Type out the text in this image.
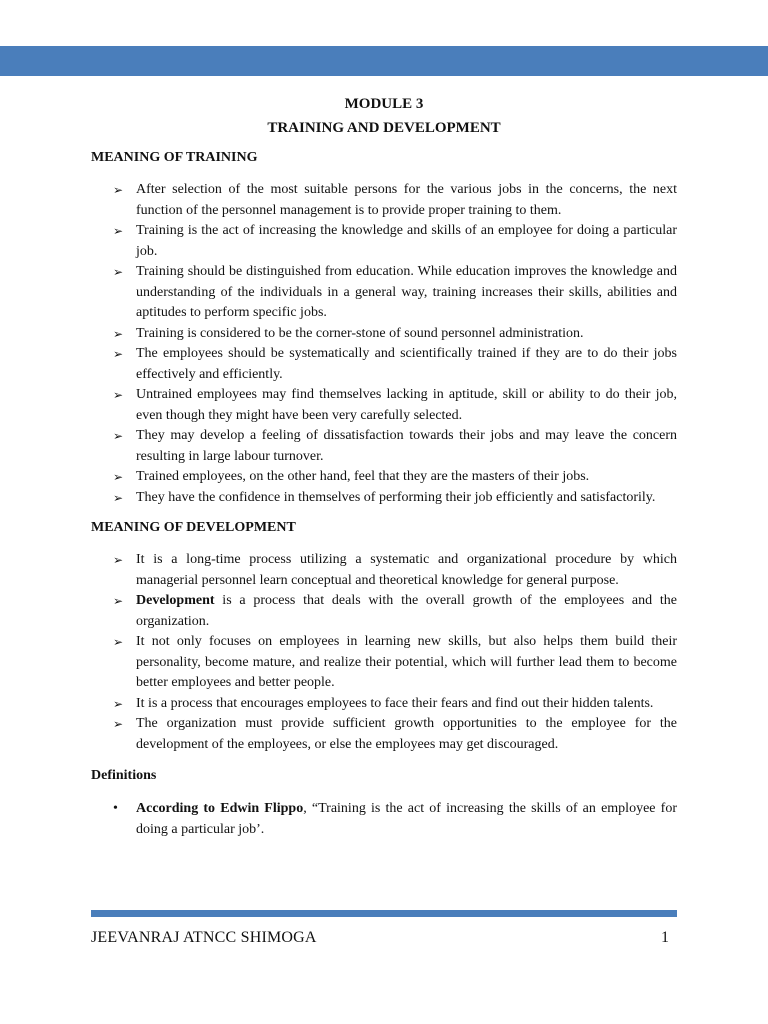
MODULE 3
TRAINING AND DEVELOPMENT
MEANING OF TRAINING
➢ After selection of the most suitable persons for the various jobs in the concerns, the next function of the personnel management is to provide proper training to them.
➢ Training is the act of increasing the knowledge and skills of an employee for doing a particular job.
➢ Training should be distinguished from education. While education improves the knowledge and understanding of the individuals in a general way, training increases their skills, abilities and aptitudes to perform specific jobs.
➢ Training is considered to be the corner-stone of sound personnel administration.
➢ The employees should be systematically and scientifically trained if they are to do their jobs effectively and efficiently.
➢ Untrained employees may find themselves lacking in aptitude, skill or ability to do their job, even though they might have been very carefully selected.
➢ They may develop a feeling of dissatisfaction towards their jobs and may leave the concern resulting in large labour turnover.
➢ Trained employees, on the other hand, feel that they are the masters of their jobs.
➢ They have the confidence in themselves of performing their job efficiently and satisfactorily.
MEANING OF DEVELOPMENT
➢ It is a long-time process utilizing a systematic and organizational procedure by which managerial personnel learn conceptual and theoretical knowledge for general purpose.
➢ Development is a process that deals with the overall growth of the employees and the organization.
➢ It not only focuses on employees in learning new skills, but also helps them build their personality, become mature, and realize their potential, which will further lead them to become better employees and better people.
➢ It is a process that encourages employees to face their fears and find out their hidden talents.
➢ The organization must provide sufficient growth opportunities to the employee for the development of the employees, or else the employees may get discouraged.
Definitions
• According to Edwin Flippo, “Training is the act of increasing the skills of an employee for doing a particular job’.
JEEVANRAJ ATNCC SHIMOGA	1
